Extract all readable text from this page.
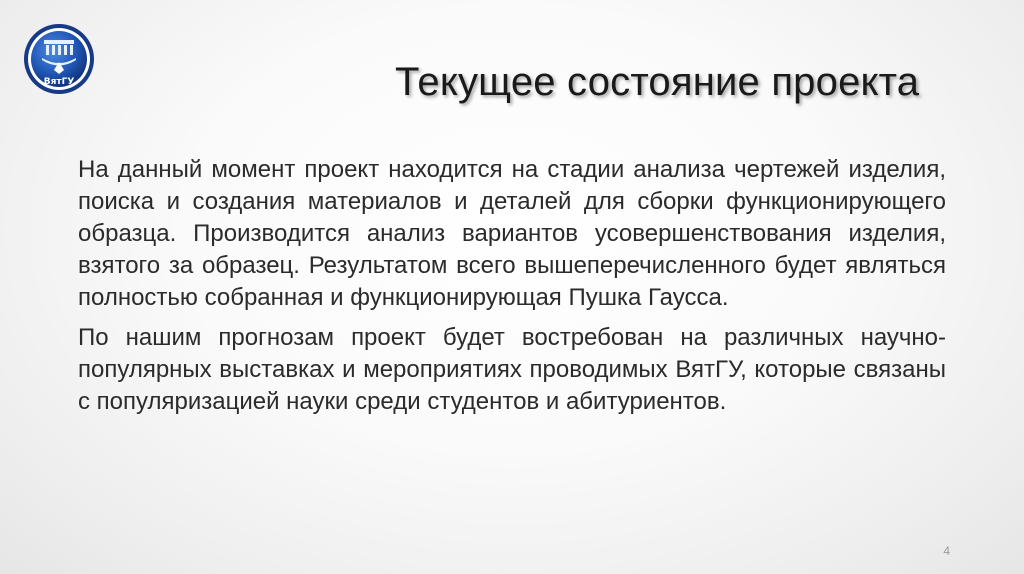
ВятГУ	Текущее состояние проекта

На данный момент проект находится на стадии анализа чертежей изделия, поиска и создания материалов и деталей для сборки функционирующего образца. Производится анализ вариантов усовершенствования изделия, взятого за образец. Результатом всего вышеперечисленного будет являться полностью собранная и функционирующая Пушка Гаусса.

По нашим прогнозам проект будет востребован на различных научно-популярных выставках и мероприятиях проводимых ВятГУ, которые связаны с популяризацией науки среди студентов и абитуриентов.

4
